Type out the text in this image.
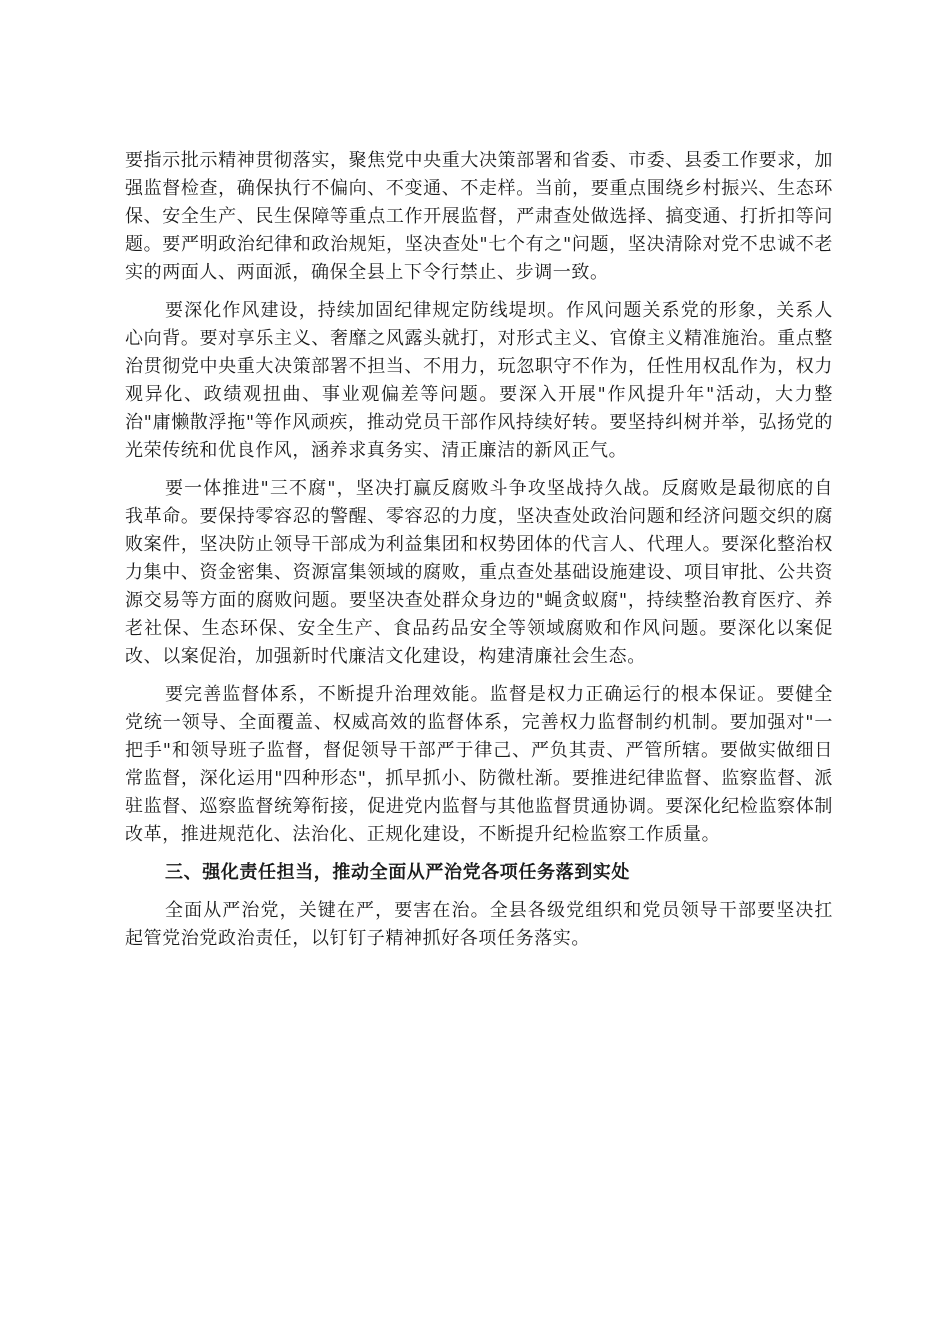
要指示批示精神贯彻落实，聚焦党中央重大决策部署和省委、市委、县委工作要求，加强监督检查，确保执行不偏向、不变通、不走样。当前，要重点围绕乡村振兴、生态环保、安全生产、民生保障等重点工作开展监督，严肃查处做选择、搞变通、打折扣等问题。要严明政治纪律和政治规矩，坚决查处"七个有之"问题，坚决清除对党不忠诚不老实的两面人、两面派，确保全县上下令行禁止、步调一致。

要深化作风建设，持续加固纪律规定防线堤坝。作风问题关系党的形象，关系人心向背。要对享乐主义、奢靡之风露头就打，对形式主义、官僚主义精准施治。重点整治贯彻党中央重大决策部署不担当、不用力，玩忽职守不作为，任性用权乱作为，权力观异化、政绩观扭曲、事业观偏差等问题。要深入开展"作风提升年"活动，大力整治"庸懒散浮拖"等作风顽疾，推动党员干部作风持续好转。要坚持纠树并举，弘扬党的光荣传统和优良作风，涵养求真务实、清正廉洁的新风正气。

要一体推进"三不腐"，坚决打赢反腐败斗争攻坚战持久战。反腐败是最彻底的自我革命。要保持零容忍的警醒、零容忍的力度，坚决查处政治问题和经济问题交织的腐败案件，坚决防止领导干部成为利益集团和权势团体的代言人、代理人。要深化整治权力集中、资金密集、资源富集领域的腐败，重点查处基础设施建设、项目审批、公共资源交易等方面的腐败问题。要坚决查处群众身边的"蝇贪蚁腐"，持续整治教育医疗、养老社保、生态环保、安全生产、食品药品安全等领域腐败和作风问题。要深化以案促改、以案促治，加强新时代廉洁文化建设，构建清廉社会生态。

要完善监督体系，不断提升治理效能。监督是权力正确运行的根本保证。要健全党统一领导、全面覆盖、权威高效的监督体系，完善权力监督制约机制。要加强对"一把手"和领导班子监督，督促领导干部严于律己、严负其责、严管所辖。要做实做细日常监督，深化运用"四种形态"，抓早抓小、防微杜渐。要推进纪律监督、监察监督、派驻监督、巡察监督统筹衔接，促进党内监督与其他监督贯通协调。要深化纪检监察体制改革，推进规范化、法治化、正规化建设，不断提升纪检监察工作质量。

三、强化责任担当，推动全面从严治党各项任务落到实处

全面从严治党，关键在严，要害在治。全县各级党组织和党员领导干部要坚决扛起管党治党政治责任，以钉钉子精神抓好各项任务落实。
